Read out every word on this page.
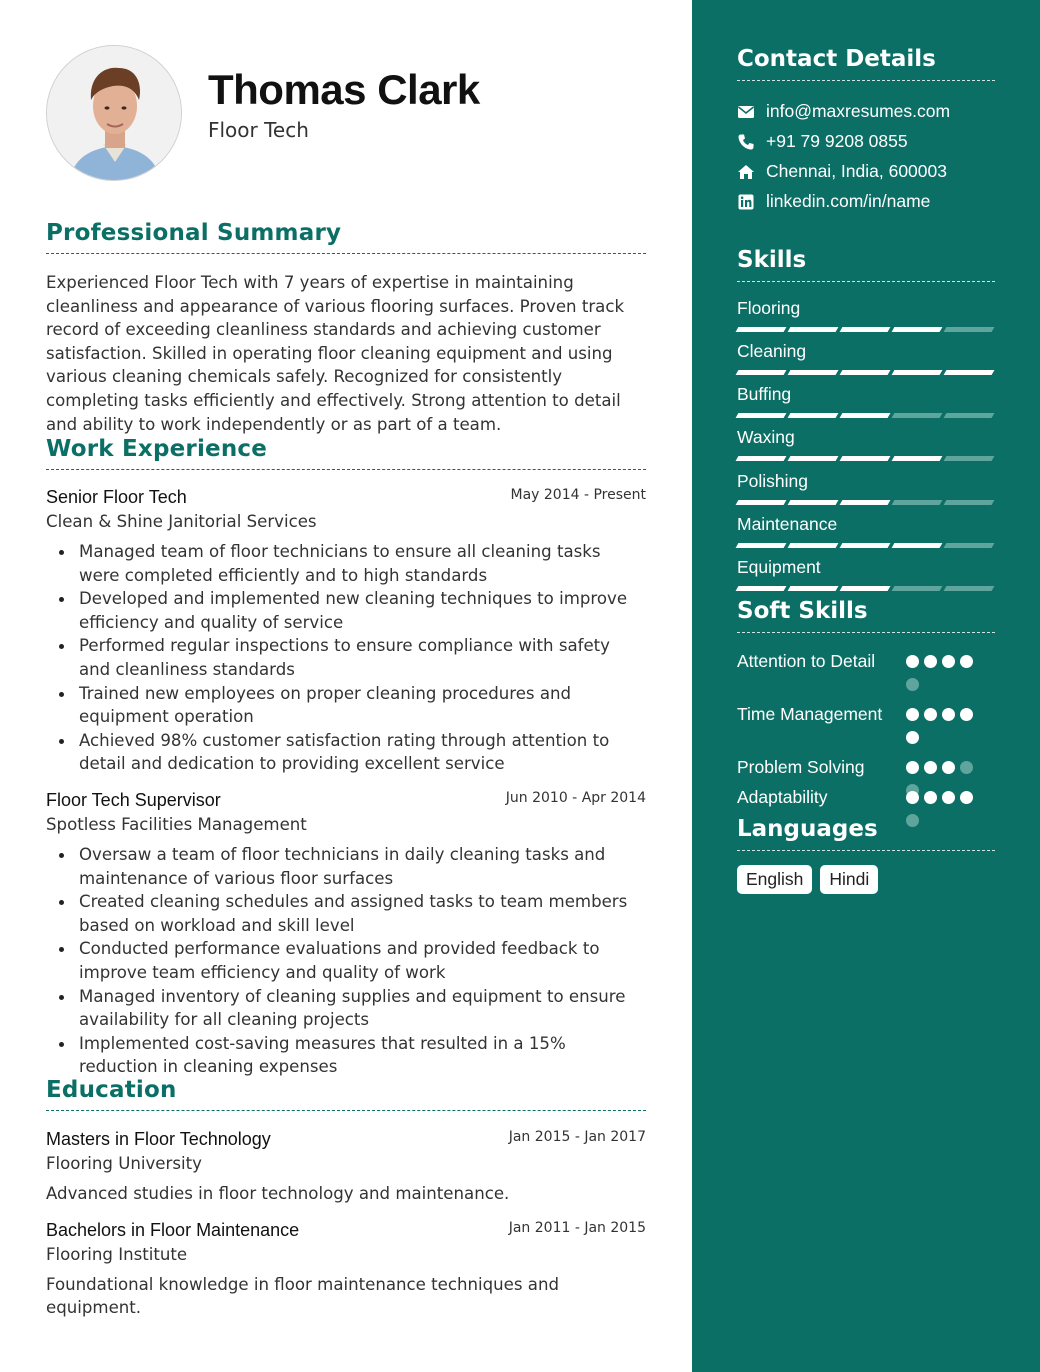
Thomas Clark
Floor Tech
Professional Summary
Experienced Floor Tech with 7 years of expertise in maintaining cleanliness and appearance of various flooring surfaces. Proven track record of exceeding cleanliness standards and achieving customer satisfaction. Skilled in operating floor cleaning equipment and using various cleaning chemicals safely. Recognized for consistently completing tasks efficiently and effectively. Strong attention to detail and ability to work independently or as part of a team.
Work Experience
Senior Floor Tech	May 2014 - Present
Clean & Shine Janitorial Services
Managed team of floor technicians to ensure all cleaning tasks were completed efficiently and to high standards
Developed and implemented new cleaning techniques to improve efficiency and quality of service
Performed regular inspections to ensure compliance with safety and cleanliness standards
Trained new employees on proper cleaning procedures and equipment operation
Achieved 98% customer satisfaction rating through attention to detail and dedication to providing excellent service
Floor Tech Supervisor	Jun 2010 - Apr 2014
Spotless Facilities Management
Oversaw a team of floor technicians in daily cleaning tasks and maintenance of various floor surfaces
Created cleaning schedules and assigned tasks to team members based on workload and skill level
Conducted performance evaluations and provided feedback to improve team efficiency and quality of work
Managed inventory of cleaning supplies and equipment to ensure availability for all cleaning projects
Implemented cost-saving measures that resulted in a 15% reduction in cleaning expenses
Education
Masters in Floor Technology	Jan 2015 - Jan 2017
Flooring University
Advanced studies in floor technology and maintenance.
Bachelors in Floor Maintenance	Jan 2011 - Jan 2015
Flooring Institute
Foundational knowledge in floor maintenance techniques and equipment.
Contact Details
info@maxresumes.com
+91 79 9208 0855
Chennai, India, 600003
linkedin.com/in/name
Skills
Flooring
Cleaning
Buffing
Waxing
Polishing
Maintenance
Equipment
Soft Skills
Attention to Detail
Time Management
Problem Solving
Adaptability
Languages
English	Hindi
